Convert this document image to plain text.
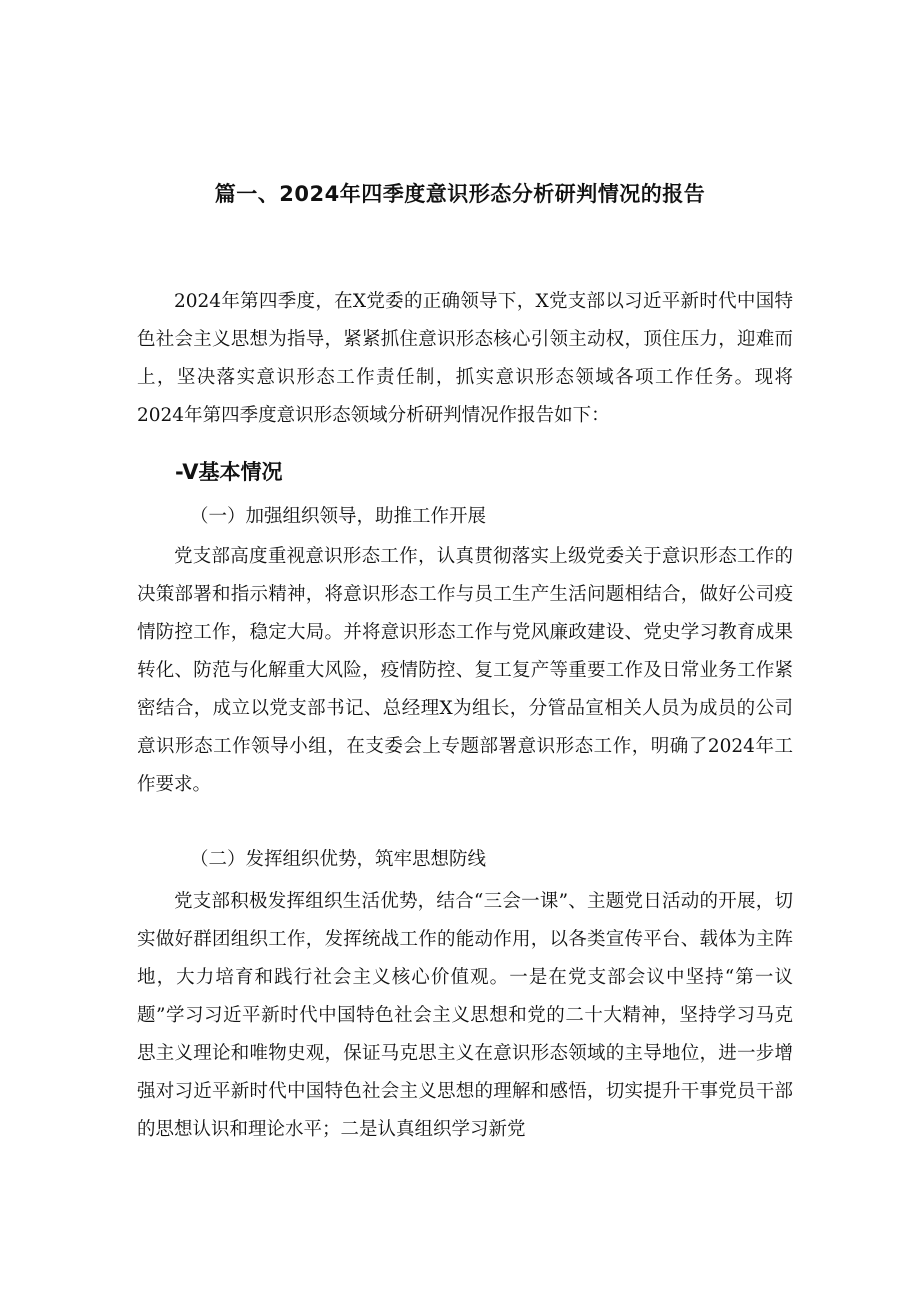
篇一、2024年四季度意识形态分析研判情况的报告

2024年第四季度，在X党委的正确领导下，X党支部以习近平新时代中国特色社会主义思想为指导，紧紧抓住意识形态核心引领主动权，顶住压力，迎难而上，坚决落实意识形态工作责任制，抓实意识形态领域各项工作任务。现将2024年第四季度意识形态领域分析研判情况作报告如下：

-V基本情况
（一）加强组织领导，助推工作开展

党支部高度重视意识形态工作，认真贯彻落实上级党委关于意识形态工作的决策部署和指示精神，将意识形态工作与员工生产生活问题相结合，做好公司疫情防控工作，稳定大局。并将意识形态工作与党风廉政建设、党史学习教育成果转化、防范与化解重大风险，疫情防控、复工复产等重要工作及日常业务工作紧密结合，成立以党支部书记、总经理X为组长，分管品宣相关人员为成员的公司意识形态工作领导小组，在支委会上专题部署意识形态工作，明确了2024年工作要求。

（二）发挥组织优势，筑牢思想防线

党支部积极发挥组织生活优势，结合“三会一课”、主题党日活动的开展，切实做好群团组织工作，发挥统战工作的能动作用，以各类宣传平台、载体为主阵地，大力培育和践行社会主义核心价值观。一是在党支部会议中坚持“第一议题”学习习近平新时代中国特色社会主义思想和党的二十大精神，坚持学习马克思主义理论和唯物史观，保证马克思主义在意识形态领域的主导地位，进一步增强对习近平新时代中国特色社会主义思想的理解和感悟，切实提升干事党员干部的思想认识和理论水平；二是认真组织学习新党
